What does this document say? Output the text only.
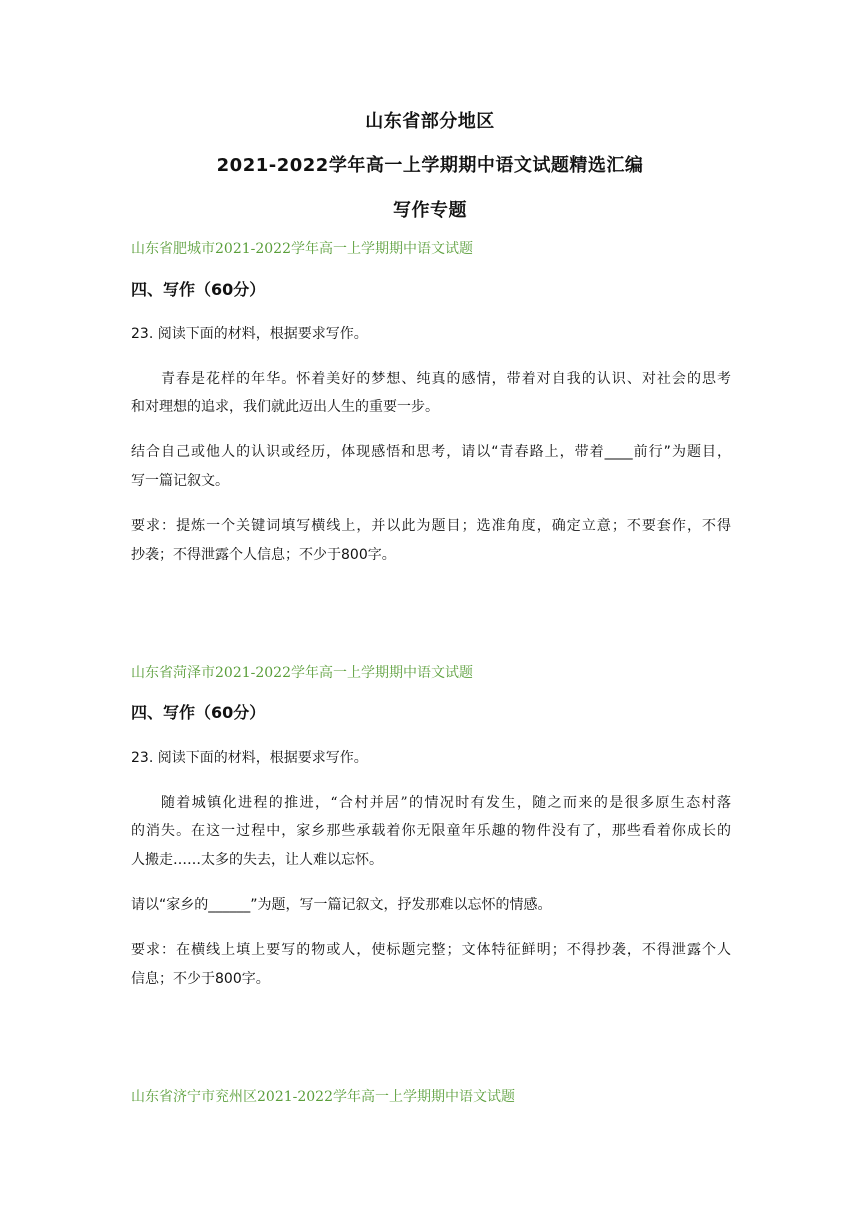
山东省部分地区
2021-2022学年高一上学期期中语文试题精选汇编
写作专题
山东省肥城市2021-2022学年高一上学期期中语文试题
四、写作（60分）
23. 阅读下面的材料，根据要求写作。
青春是花样的年华。怀着美好的梦想、纯真的感情，带着对自我的认识、对社会的思考
和对理想的追求，我们就此迈出人生的重要一步。
结合自己或他人的认识或经历，体现感悟和思考，请以“青春路上，带着____前行”为题目，
写一篇记叙文。
要求：提炼一个关键词填写横线上，并以此为题目；选准角度，确定立意；不要套作，不得
抄袭；不得泄露个人信息；不少于800字。
山东省菏泽市2021-2022学年高一上学期期中语文试题
四、写作（60分）
23. 阅读下面的材料，根据要求写作。
随着城镇化进程的推进，“合村并居”的情况时有发生，随之而来的是很多原生态村落
的消失。在这一过程中，家乡那些承载着你无限童年乐趣的物件没有了，那些看着你成长的
人搬走……太多的失去，让人难以忘怀。
请以“家乡的______”为题，写一篇记叙文，抒发那难以忘怀的情感。
要求：在横线上填上要写的物或人，使标题完整；文体特征鲜明；不得抄袭，不得泄露个人
信息；不少于800字。
山东省济宁市兖州区2021-2022学年高一上学期期中语文试题
